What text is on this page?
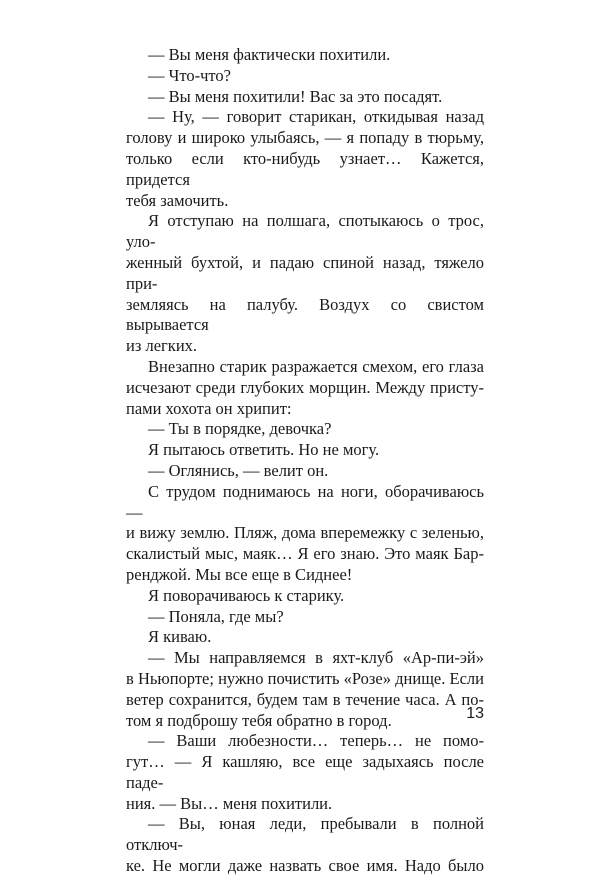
— Вы меня фактически похитили.
— Что-что?
— Вы меня похитили! Вас за это посадят.
— Ну, — говорит старикан, откидывая назад
голову и широко улыбаясь, — я попаду в тюрьму,
только если кто-нибудь узнает… Кажется, придется
тебя замочить.
Я отступаю на полшага, спотыкаюсь о трос, уло-
женный бухтой, и падаю спиной назад, тяжело при-
земляясь на палубу. Воздух со свистом вырывается
из легких.
Внезапно старик разражается смехом, его глаза
исчезают среди глубоких морщин. Между присту-
пами хохота он хрипит:
— Ты в порядке, девочка?
Я пытаюсь ответить. Но не могу.
— Оглянись, — велит он.
С трудом поднимаюсь на ноги, оборачиваюсь —
и вижу землю. Пляж, дома вперемежку с зеленью,
скалистый мыс, маяк… Я его знаю. Это маяк Бар-
ренджой. Мы все еще в Сиднее!
Я поворачиваюсь к старику.
— Поняла, где мы?
Я киваю.
— Мы направляемся в яхт-клуб «Ар-пи-эй»
в Ньюпорте; нужно почистить «Розе» днище. Если
ветер сохранится, будем там в течение часа. А по-
том я подброшу тебя обратно в город.
— Ваши любезности… теперь… не помо-
гут… — Я кашляю, все еще задыхаясь после паде-
ния. — Вы… меня похитили.
— Вы, юная леди, пребывали в полной отключ-
ке. Не могли даже назвать свое имя. Надо было
13
